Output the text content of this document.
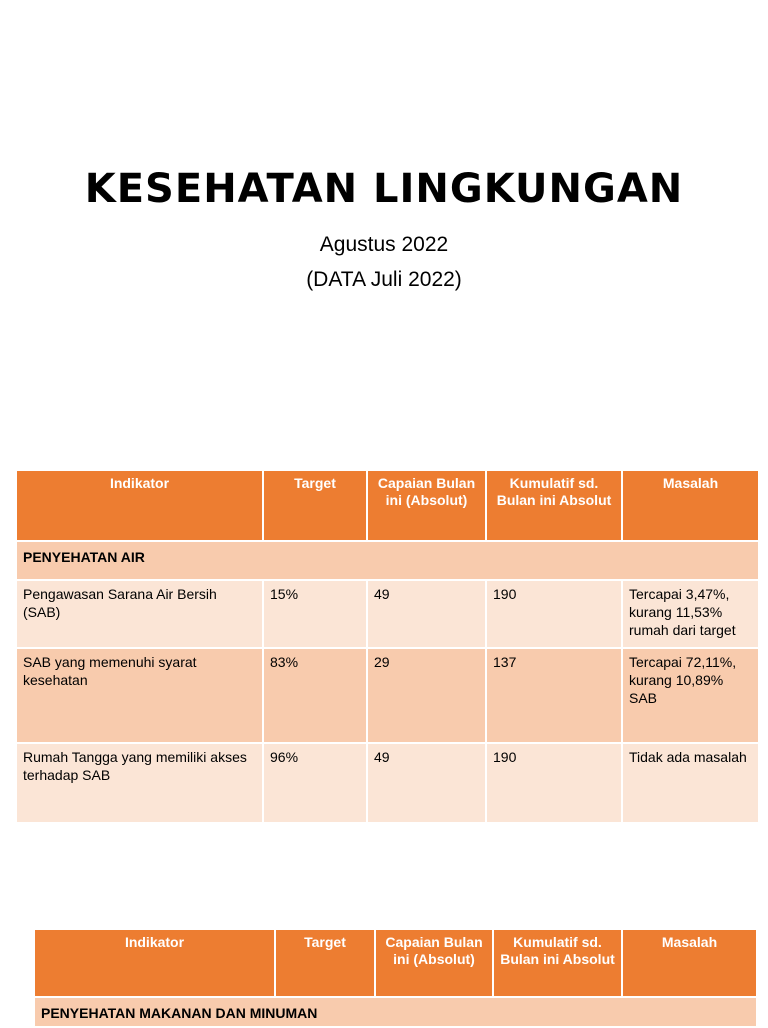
KESEHATAN LINGKUNGAN
Agustus 2022
(DATA Juli 2022)
Indikator	Target	Capaian Bulan ini (Absolut)	Kumulatif sd. Bulan ini Absolut	Masalah
PENYEHATAN AIR				
Pengawasan Sarana Air Bersih (SAB)	15%	49	190	Tercapai 3,47%, kurang 11,53% rumah dari target
SAB yang memenuhi syarat kesehatan	83%	29	137	Tercapai 72,11%, kurang 10,89% SAB
Rumah Tangga yang memiliki akses terhadap SAB	96%	49	190	Tidak ada masalah
Indikator	Target	Capaian Bulan ini (Absolut)	Kumulatif sd. Bulan ini Absolut	Masalah
PENYEHATAN MAKANAN DAN MINUMAN
